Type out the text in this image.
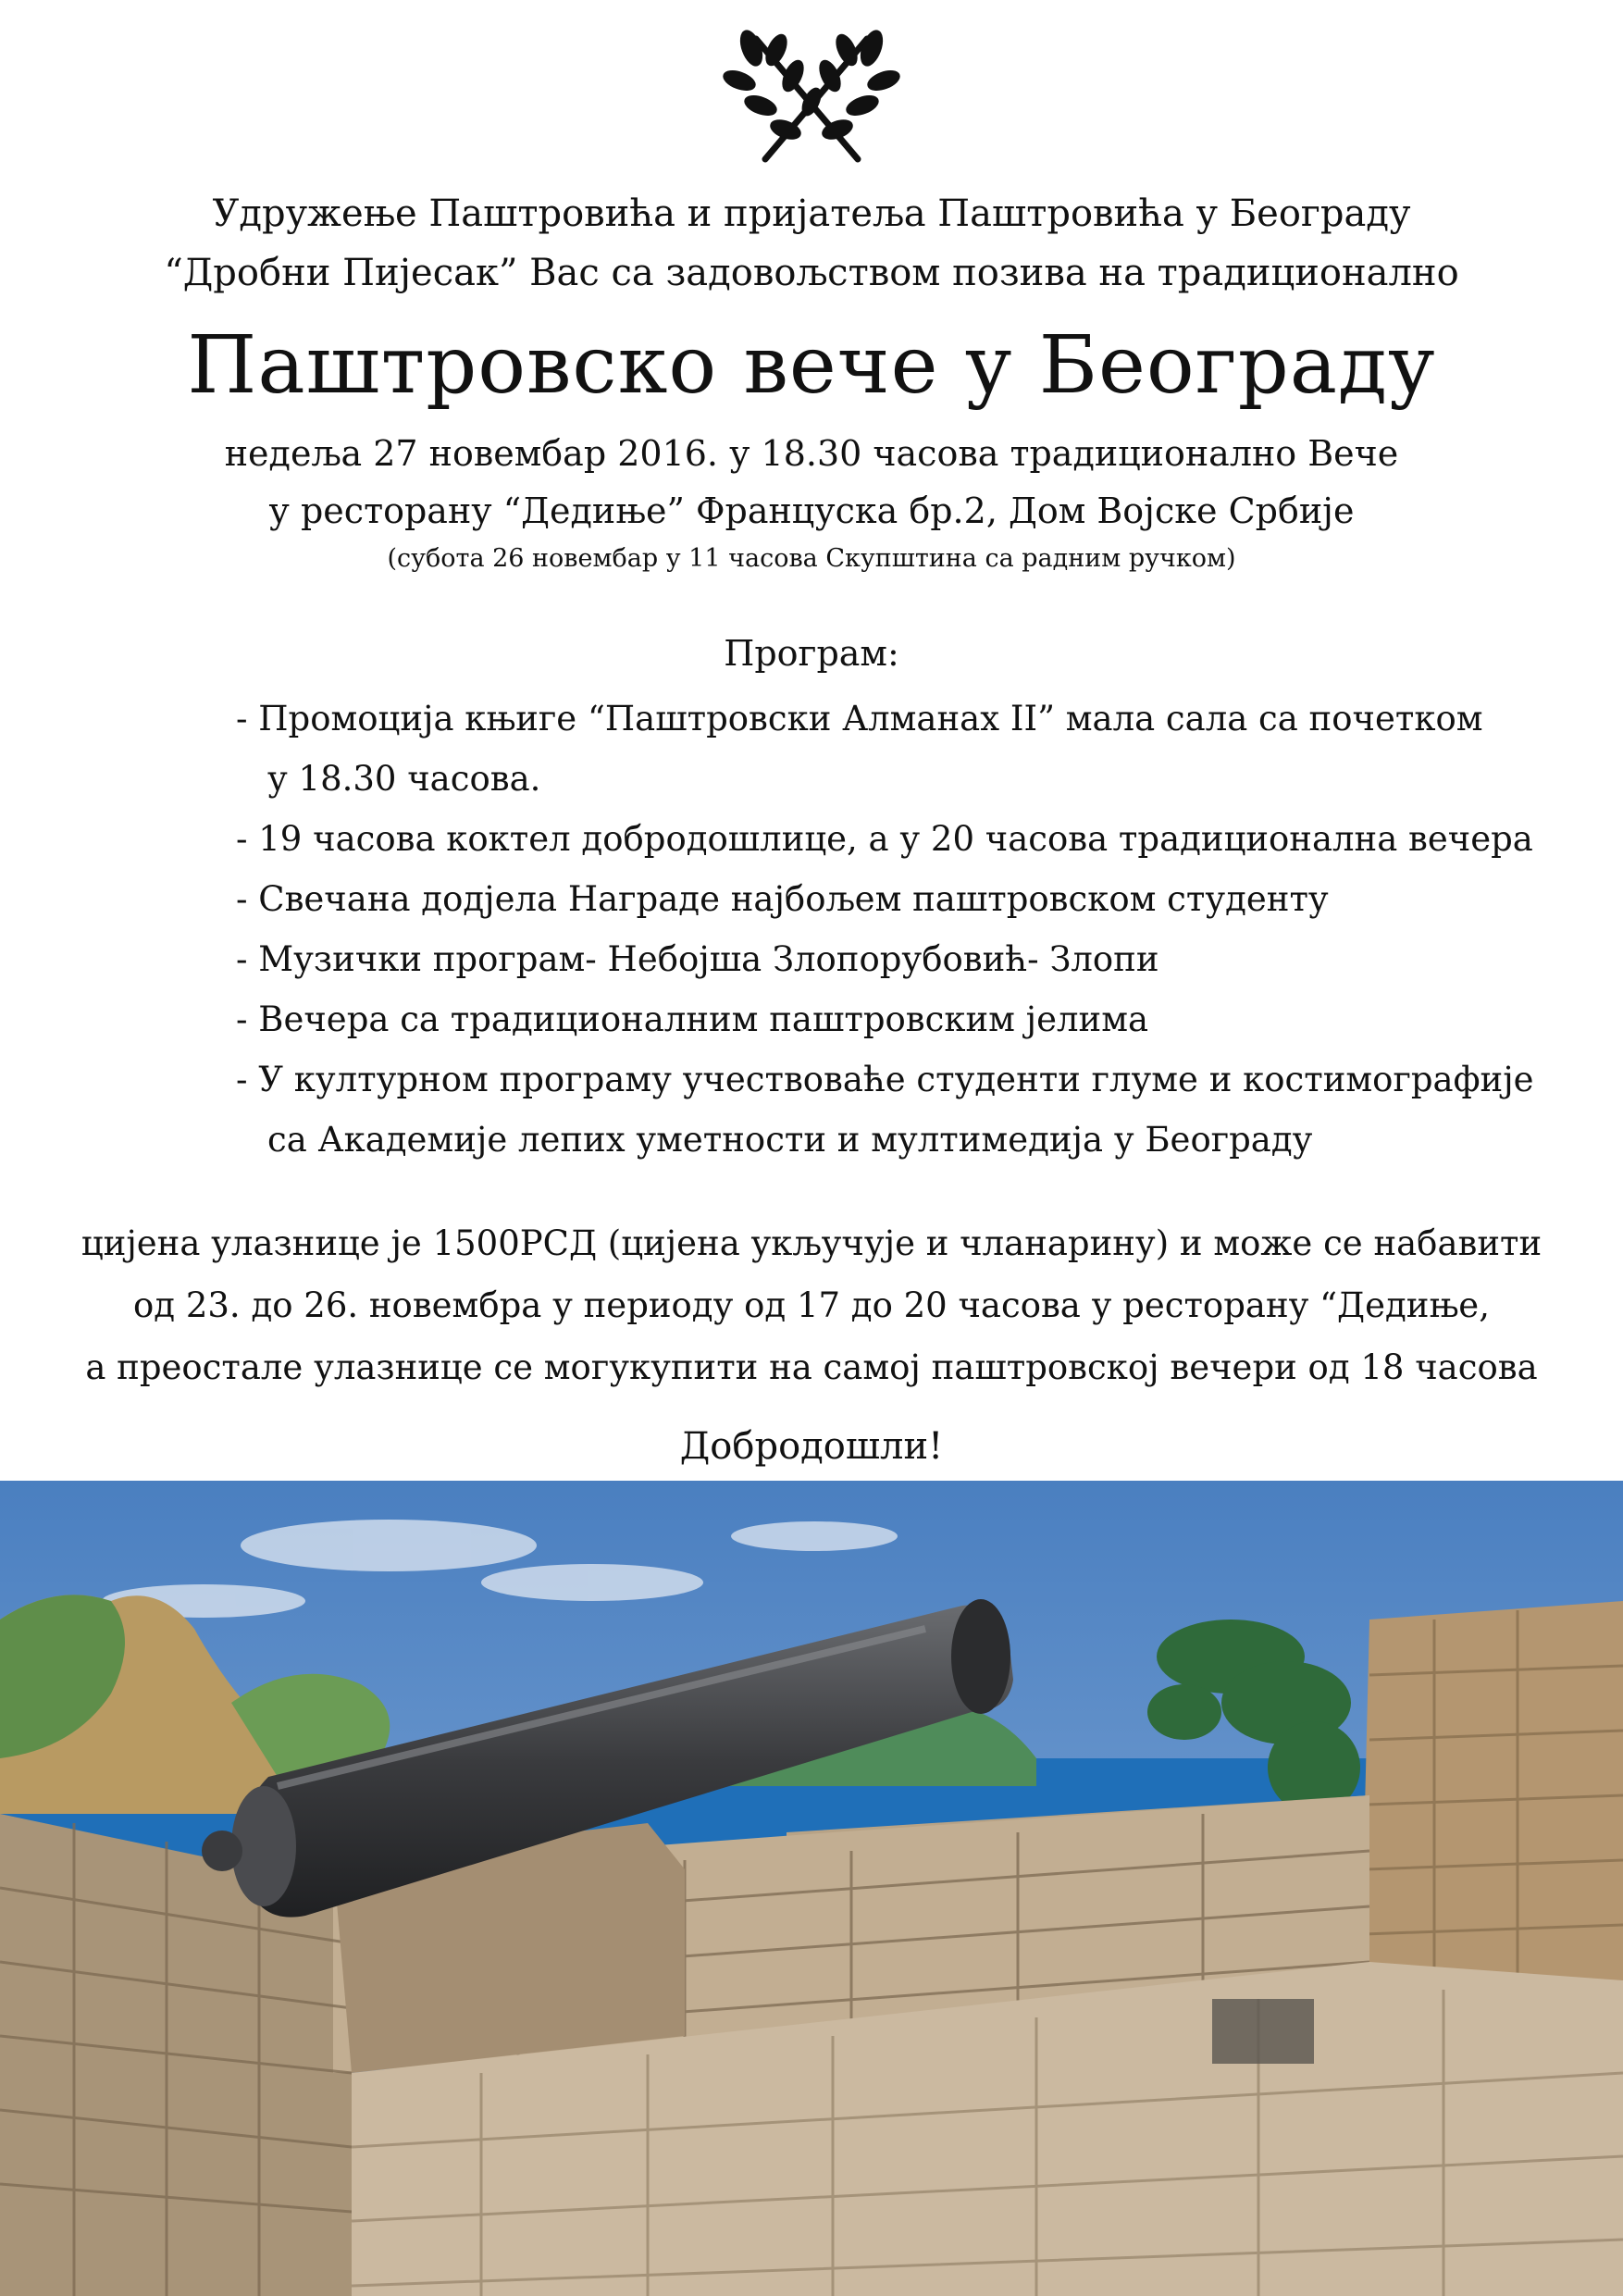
Удружење Паштровића и пријатеља Паштровића у Београду
“Дробни Пијесак” Вас са задовољством позива на традиционално
Паштровско вече у Београду
недеља 27 новембар 2016. у 18.30 часова традиционално Вече
у ресторану “Дедиње” Француска бр.2, Дом Војске Србије
(субота 26 новембар у 11 часова Скупштина са радним ручком)
Програм:
- Промоција књиге “Паштровски Алманах II” мала сала са почетком
у 18.30 часова.
- 19 часова коктел добродошлице, а у 20 часова традиционална вечера
- Свечана додјела Награде најбољем паштровском студенту
- Музички програм- Небојша Злопорубовић- Злопи
- Вечера са традиционалним паштровским јелима
- У културном програму учествоваће студенти глуме и костимографије
са Академије лепих уметности и мултимедија у Београду
цијена улазнице је 1500РСД (цијена укључује и чланарину) и може се набавити
од 23. до 26. новембра у периоду од 17 до 20 часова у ресторану “Дедиње,
а преостале улазнице се могукупити на самој паштровској вечери од 18 часова
Добродошли!
